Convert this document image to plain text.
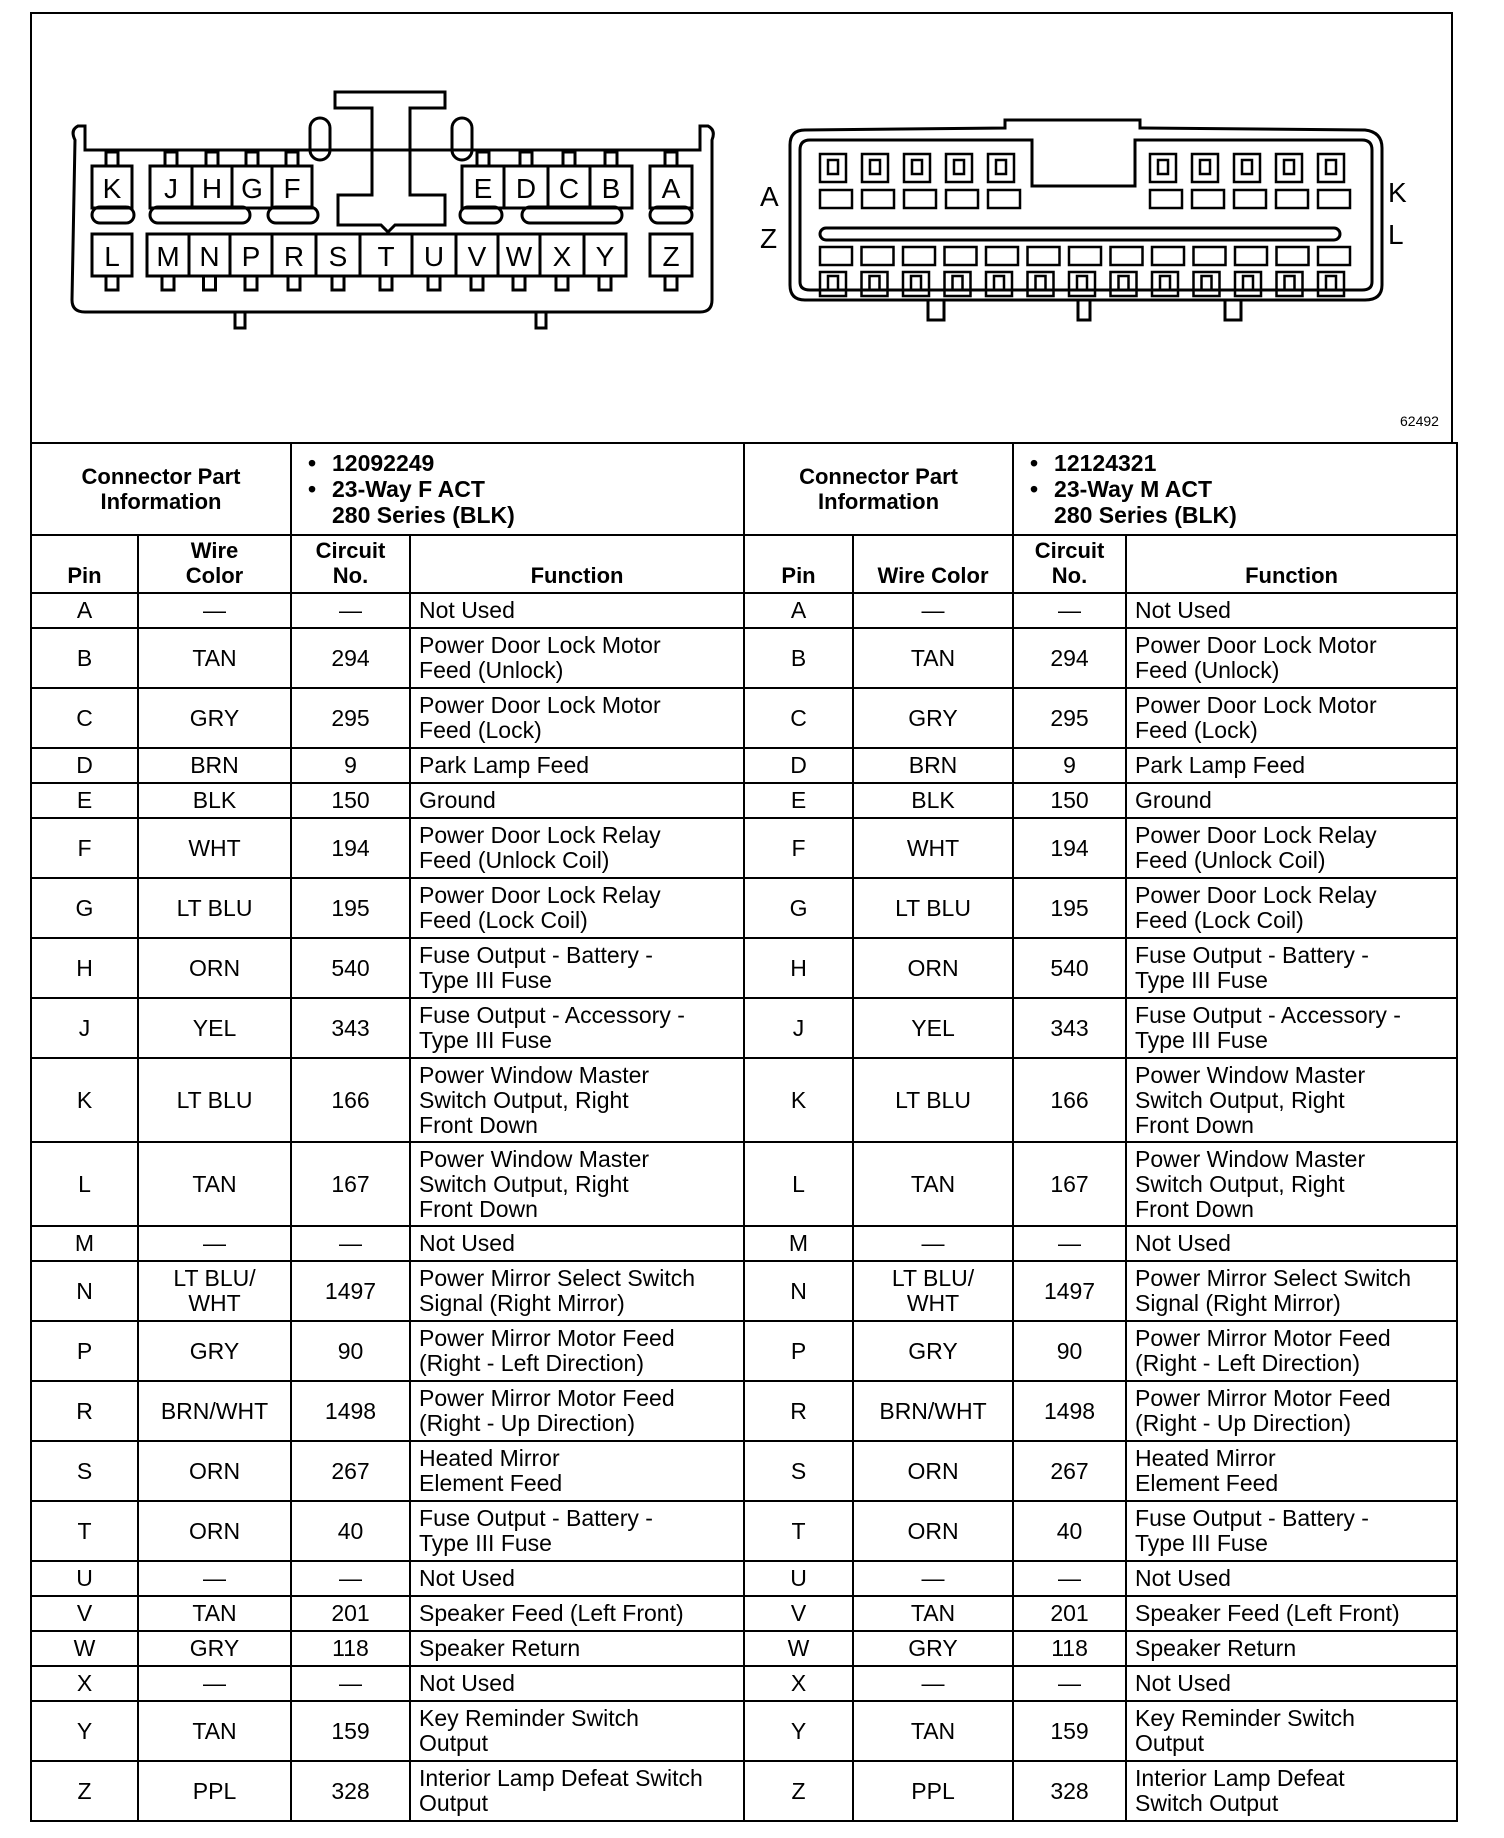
K J H G F	E D C B A
L M N P R S T U V W X Y Z
A
Z
K
L
62492
Connector Part
Information		• 12092249
• 23-Way F ACT
280 Series (BLK)		Connector Part
Information		• 12124321
• 23-Way M ACT
280 Series (BLK)

Pin	Wire
Color	Circuit
No.	Function	Pin	Wire Color	Circuit
No.	Function
A	—	—	Not Used	A	—	—	Not Used
B	TAN	294	Power Door Lock Motor
Feed (Unlock)	B	TAN	294	Power Door Lock Motor
Feed (Unlock)
C	GRY	295	Power Door Lock Motor
Feed (Lock)	C	GRY	295	Power Door Lock Motor
Feed (Lock)
D	BRN	9	Park Lamp Feed	D	BRN	9	Park Lamp Feed
E	BLK	150	Ground	E	BLK	150	Ground
F	WHT	194	Power Door Lock Relay
Feed (Unlock Coil)	F	WHT	194	Power Door Lock Relay
Feed (Unlock Coil)
G	LT BLU	195	Power Door Lock Relay
Feed (Lock Coil)	G	LT BLU	195	Power Door Lock Relay
Feed (Lock Coil)
H	ORN	540	Fuse Output - Battery -
Type III Fuse	H	ORN	540	Fuse Output - Battery -
Type III Fuse
J	YEL	343	Fuse Output - Accessory -
Type III Fuse	J	YEL	343	Fuse Output - Accessory -
Type III Fuse
K	LT BLU	166	Power Window Master
Switch Output, Right
Front Down	K	LT BLU	166	Power Window Master
Switch Output, Right
Front Down
L	TAN	167	Power Window Master
Switch Output, Right
Front Down	L	TAN	167	Power Window Master
Switch Output, Right
Front Down
M	—	—	Not Used	M	—	—	Not Used
N	LT BLU/
WHT	1497	Power Mirror Select Switch
Signal (Right Mirror)	N	LT BLU/
WHT	1497	Power Mirror Select Switch
Signal (Right Mirror)
P	GRY	90	Power Mirror Motor Feed
(Right - Left Direction)	P	GRY	90	Power Mirror Motor Feed
(Right - Left Direction)
R	BRN/WHT	1498	Power Mirror Motor Feed
(Right - Up Direction)	R	BRN/WHT	1498	Power Mirror Motor Feed
(Right - Up Direction)
S	ORN	267	Heated Mirror
Element Feed	S	ORN	267	Heated Mirror
Element Feed
T	ORN	40	Fuse Output - Battery -
Type III Fuse	T	ORN	40	Fuse Output - Battery -
Type III Fuse
U	—	—	Not Used	U	—	—	Not Used
V	TAN	201	Speaker Feed (Left Front)	V	TAN	201	Speaker Feed (Left Front)
W	GRY	118	Speaker Return	W	GRY	118	Speaker Return
X	—	—	Not Used	X	—	—	Not Used
Y	TAN	159	Key Reminder Switch
Output	Y	TAN	159	Key Reminder Switch
Output
Z	PPL	328	Interior Lamp Defeat Switch
Output	Z	PPL	328	Interior Lamp Defeat
Switch Output
